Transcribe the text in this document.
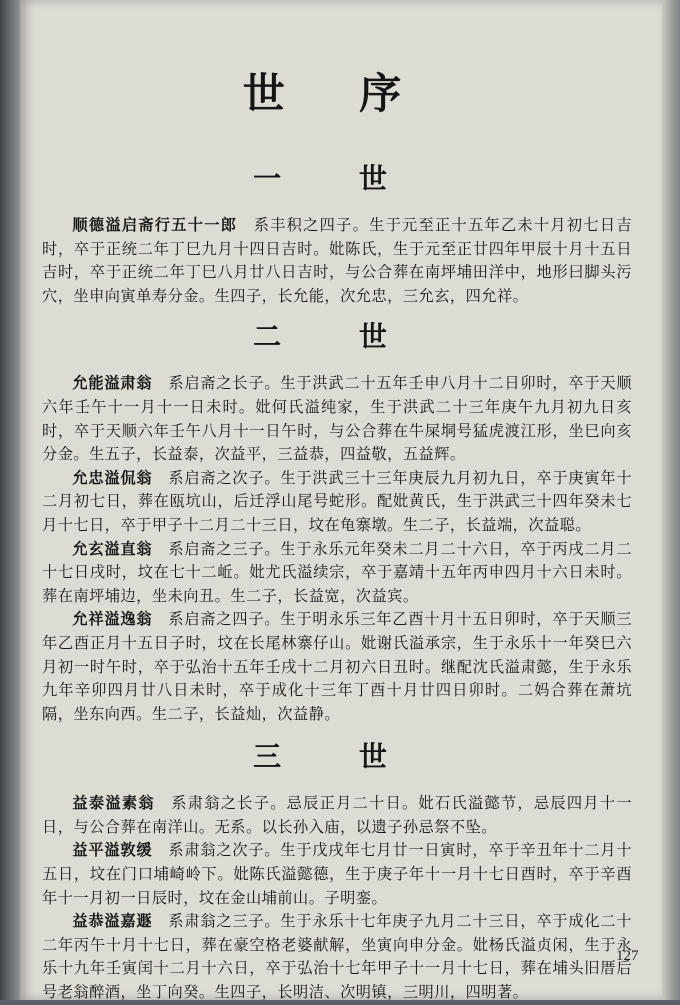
世 序
一 世

顺德溢启斋行五十一郎　 系丰积之四子。生于元至正十五年乙未十月初七日吉时，卒于正统二年丁巳九月十四日吉时。妣陈氏，生于元至正廿四年甲辰十月十五日吉时，卒于正统二年丁巳八月廿八日吉时，与公合葬在南坪埔田洋中，地形曰脚头污穴，坐申向寅单寿分金。生四子，长允能，次允忠，三允玄，四允祥。

二 世

允能溢肃翁　 系启斋之长子。生于洪武二十五年壬申八月十二日卯时，卒于天顺六年壬午十一月十一日未时。妣何氏溢纯家，生于洪武二十三年庚午九月初九日亥时，卒于天顺六年壬午八月十一日午时，与公合葬在牛屎垌号猛虎渡江形，坐巳向亥分金。生五子，长益泰，次益平，三益恭，四益敬，五益辉。

允忠溢侃翁　 系启斋之次子。生于洪武三十三年庚辰九月初九日，卒于庚寅年十二月初七日，葬在瓯坑山，后迁浮山尾号蛇形。配妣黄氏，生于洪武三十四年癸未七月十七日，卒于甲子十二月二十三日，坟在龟寨墩。生二子，长益端，次益聪。

允玄溢直翁　 系启斋之三子。生于永乐元年癸未二月二十六日，卒于丙戌二月二十七日戌时，坟在七十二岴。妣尤氏溢续宗，卒于嘉靖十五年丙申四月十六日未时。葬在南坪埔边，坐未向丑。生二子，长益宽，次益宾。

允祥溢逸翁　 系启斋之四子。生于明永乐三年乙酉十月十五日卯时，卒于天顺三年乙酉正月十五日子时，坟在长尾林寨仔山。妣谢氏溢承宗，生于永乐十一年癸巳六月初一时午时，卒于弘治十五年壬戌十二月初六日丑时。继配沈氏溢肃懿，生于永乐九年辛卯四月廿八日未时，卒于成化十三年丁酉十月廿四日卯时。二妈合葬在萧坑隔，坐东向西。生二子，长益灿，次益静。

三 世

益泰溢素翁　 系肃翁之长子。忌辰正月二十日。妣石氏溢懿节，忌辰四月十一日，与公合葬在南洋山。无系。以长孙入庙，以遗子孙忌祭不坠。

益平溢敦缓　 系肃翁之次子。生于戊戌年七月廿一日寅时，卒于辛丑年十二月十五日，坟在门口埔崎岭下。妣陈氏溢懿德，生于庚子年十一月十七日酉时，卒于辛酉年十一月初一日辰时，坟在金山埔前山。子明銮。

益恭溢嘉遯　 系肃翁之三子。生于永乐十七年庚子九月二十三日，卒于成化二十二年丙午十月十七日，葬在豪空格老婆献解，坐寅向申分金。妣杨氏溢贞闲，生于永乐十九年壬寅闰十二月十六日，卒于弘治十七年甲子十一月十七日，葬在埔头旧厝后号老翁醉酒，坐丁向癸。生四子，长明洁、次明镇，三明川，四明著。

127
